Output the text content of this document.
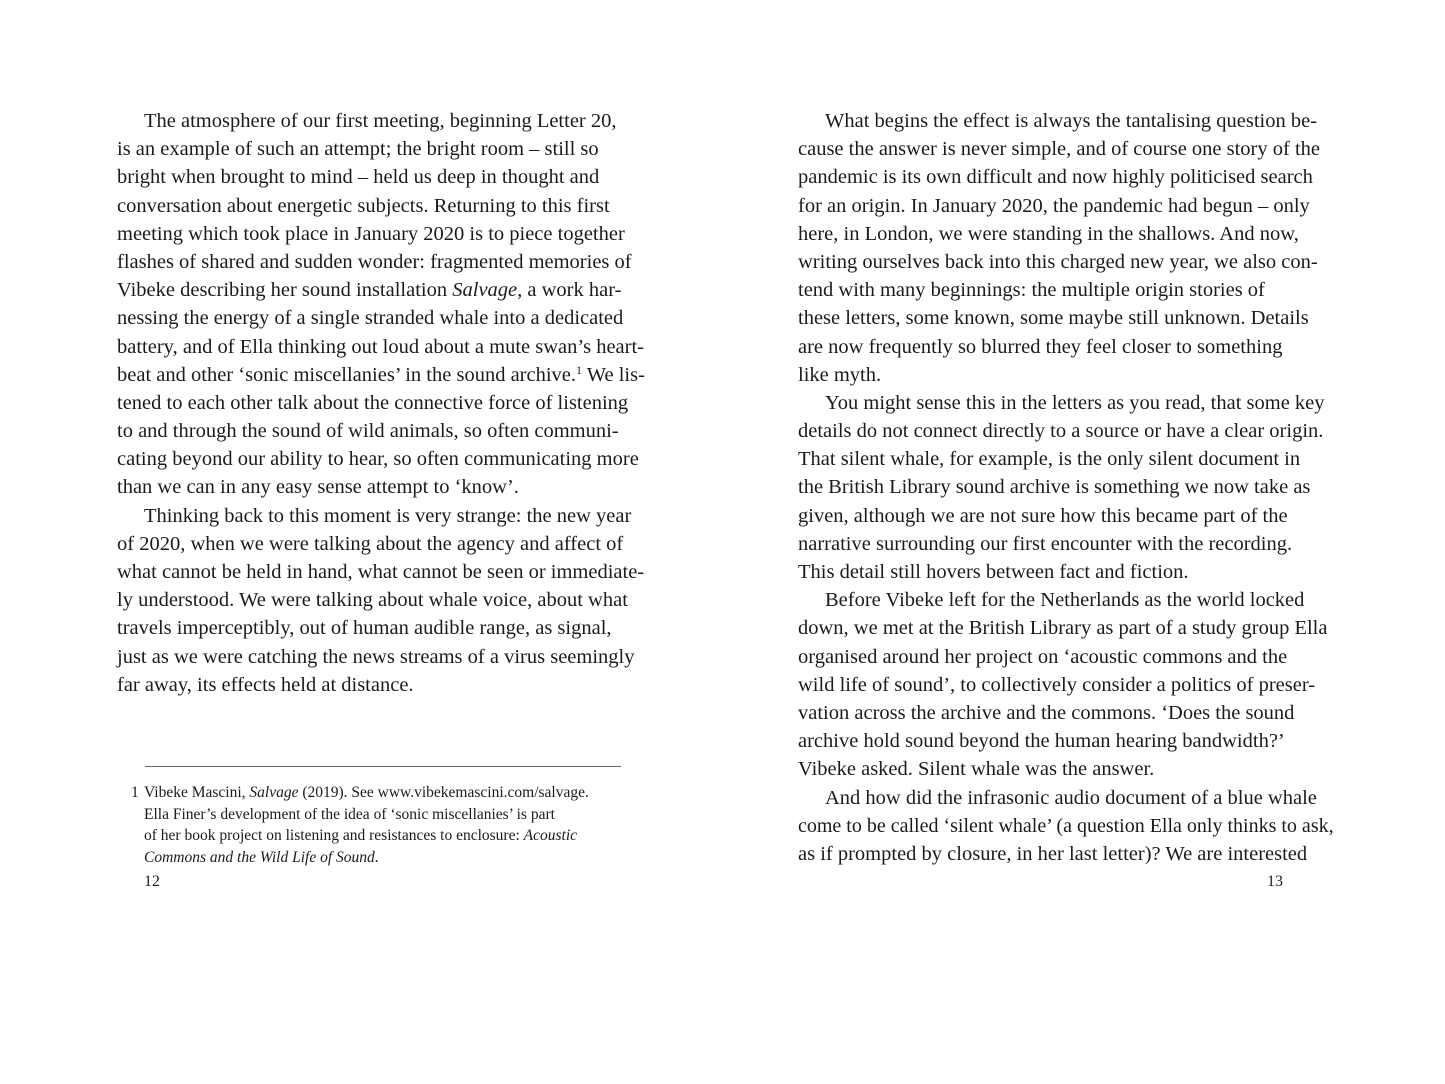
The atmosphere of our first meeting, beginning Letter 20,
is an example of such an attempt; the bright room – still so
bright when brought to mind – held us deep in thought and
conversation about energetic subjects. Returning to this first
meeting which took place in January 2020 is to piece together
flashes of shared and sudden wonder: fragmented memories of
Vibeke describing her sound installation Salvage, a work har-
nessing the energy of a single stranded whale into a dedicated
battery, and of Ella thinking out loud about a mute swan’s heart-
beat and other ‘sonic miscellanies’ in the sound archive.$^1$ We lis-
tened to each other talk about the connective force of listening
to and through the sound of wild animals, so often communi-
cating beyond our ability to hear, so often communicating more
than we can in any easy sense attempt to ‘know’.
Thinking back to this moment is very strange: the new year
of 2020, when we were talking about the agency and affect of
what cannot be held in hand, what cannot be seen or immediate-
ly understood. We were talking about whale voice, about what
travels imperceptibly, out of human audible range, as signal,
just as we were catching the news streams of a virus seemingly
far away, its effects held at distance.
1 Vibeke Mascini, Salvage (2019). See www.vibekemascini.com/salvage.
Ella Finer’s development of the idea of ‘sonic miscellanies’ is part
of her book project on listening and resistances to enclosure: Acoustic
Commons and the Wild Life of Sound.
12
What begins the effect is always the tantalising question be-
cause the answer is never simple, and of course one story of the
pandemic is its own difficult and now highly politicised search
for an origin. In January 2020, the pandemic had begun – only
here, in London, we were standing in the shallows. And now,
writing ourselves back into this charged new year, we also con-
tend with many beginnings: the multiple origin stories of
these letters, some known, some maybe still unknown. Details
are now frequently so blurred they feel closer to something
like myth.
You might sense this in the letters as you read, that some key
details do not connect directly to a source or have a clear origin.
That silent whale, for example, is the only silent document in
the British Library sound archive is something we now take as
given, although we are not sure how this became part of the
narrative surrounding our first encounter with the recording.
This detail still hovers between fact and fiction.
Before Vibeke left for the Netherlands as the world locked
down, we met at the British Library as part of a study group Ella
organised around her project on ‘acoustic commons and the
wild life of sound’, to collectively consider a politics of preser-
vation across the archive and the commons. ‘Does the sound
archive hold sound beyond the human hearing bandwidth?’
Vibeke asked. Silent whale was the answer.
And how did the infrasonic audio document of a blue whale
come to be called ‘silent whale’ (a question Ella only thinks to ask,
as if prompted by closure, in her last letter)? We are interested
13
